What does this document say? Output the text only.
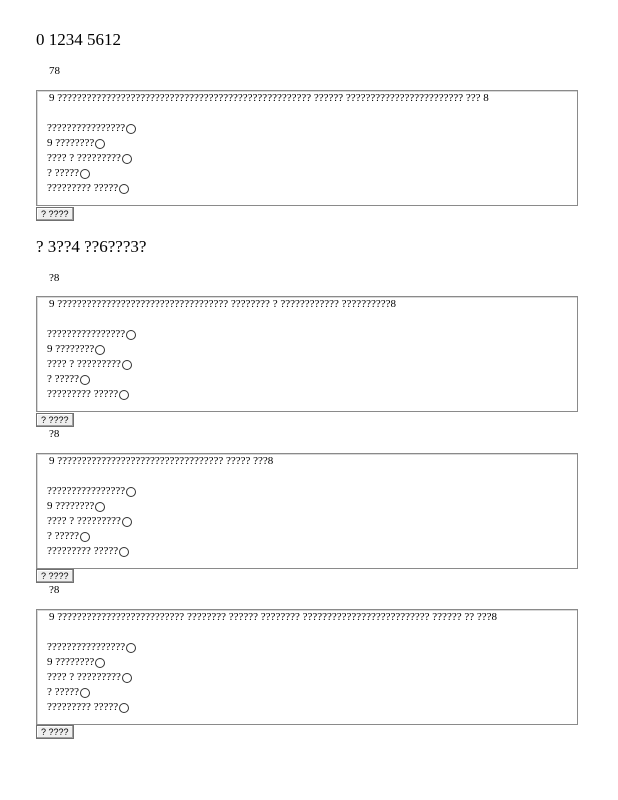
0 1234 5612
78
9 ???????????????????????????????????????????????????? ?????? ???????????????????????? ??? 8
????????????????
9 ????????
???? ? ?????????
? ?????
????????? ?????
? ????
? 3??4 ??6???3?
?8
9 ??????????????????????????????????? ???????? ? ???????????? ??????????8
????????????????
9 ????????
???? ? ?????????
? ?????
????????? ?????
? ????
?8
9 ?????????????????????????????????? ????? ???8
????????????????
9 ????????
???? ? ?????????
? ?????
????????? ?????
? ????
?8
9 ?????????????????????????? ???????? ?????? ???????? ?????????????????????????? ?????? ?? ???8
????????????????
9 ????????
???? ? ?????????
? ?????
????????? ?????
? ????
